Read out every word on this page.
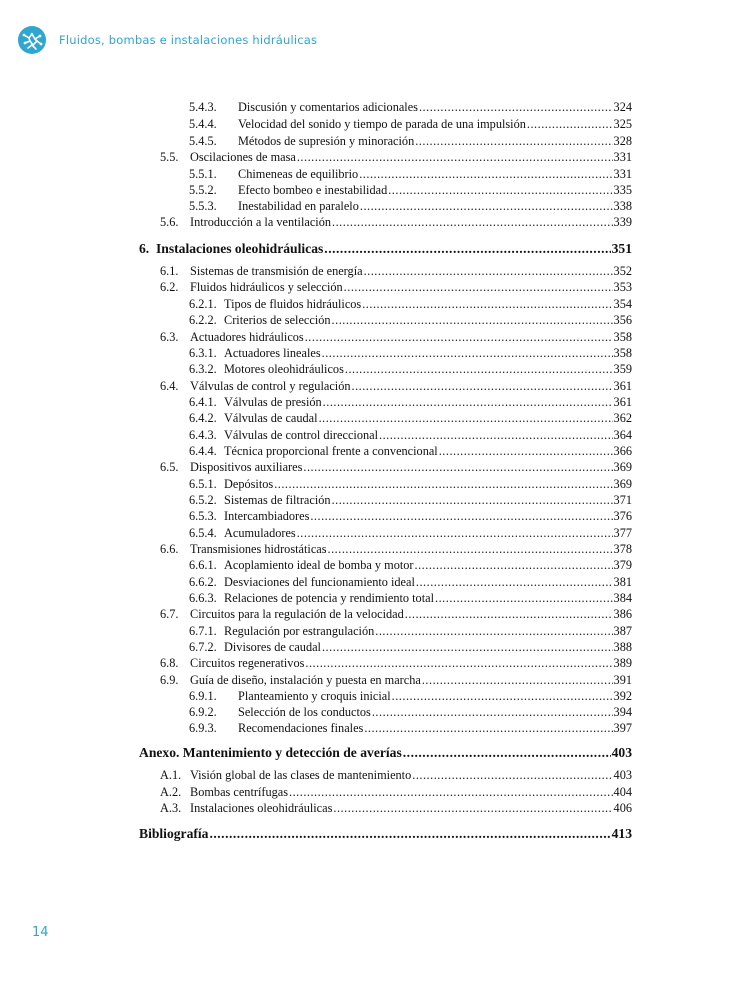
Fluidos, bombas e instalaciones hidráulicas
5.4.3.	Discusión y comentarios adicionales .....	324
5.4.4.	Velocidad del sonido y tiempo de parada de una impulsión .....	325
5.4.5.	Métodos de supresión y minoración .....	328
5.5. Oscilaciones de masa .....	331
5.5.1.	Chimeneas de equilibrio .....	331
5.5.2.	Efecto bombeo e inestabilidad .....	335
5.5.3.	Inestabilidad en paralelo .....	338
5.6. Introducción a la ventilación .....	339
6. Instalaciones oleohidráulicas .....	351
6.1. Sistemas de transmisión de energía .....	352
6.2. Fluidos hidráulicos y selección .....	353
6.2.1. Tipos de fluidos hidráulicos .....	354
6.2.2. Criterios de selección .....	356
6.3. Actuadores hidráulicos .....	358
6.3.1. Actuadores lineales .....	358
6.3.2. Motores oleohidráulicos .....	359
6.4. Válvulas de control y regulación .....	361
6.4.1. Válvulas de presión .....	361
6.4.2. Válvulas de caudal .....	362
6.4.3. Válvulas de control direccional .....	364
6.4.4. Técnica proporcional frente a convencional .....	366
6.5. Dispositivos auxiliares .....	369
6.5.1. Depósitos .....	369
6.5.2. Sistemas de filtración .....	371
6.5.3. Intercambiadores .....	376
6.5.4. Acumuladores .....	377
6.6. Transmisiones hidrostáticas .....	378
6.6.1. Acoplamiento ideal de bomba y motor .....	379
6.6.2. Desviaciones del funcionamiento ideal .....	381
6.6.3. Relaciones de potencia y rendimiento total .....	384
6.7. Circuitos para la regulación de la velocidad .....	386
6.7.1. Regulación por estrangulación .....	387
6.7.2. Divisores de caudal .....	388
6.8. Circuitos regenerativos .....	389
6.9. Guía de diseño, instalación y puesta en marcha .....	391
6.9.1.	Planteamiento y croquis inicial .....	392
6.9.2.	Selección de los conductos .....	394
6.9.3.	Recomendaciones finales .....	397
Anexo. Mantenimiento y detección de averías .....	403
A.1. Visión global de las clases de mantenimiento .....	403
A.2. Bombas centrífugas .....	404
A.3. Instalaciones oleohidráulicas .....	406
Bibliografía .....	413
14
